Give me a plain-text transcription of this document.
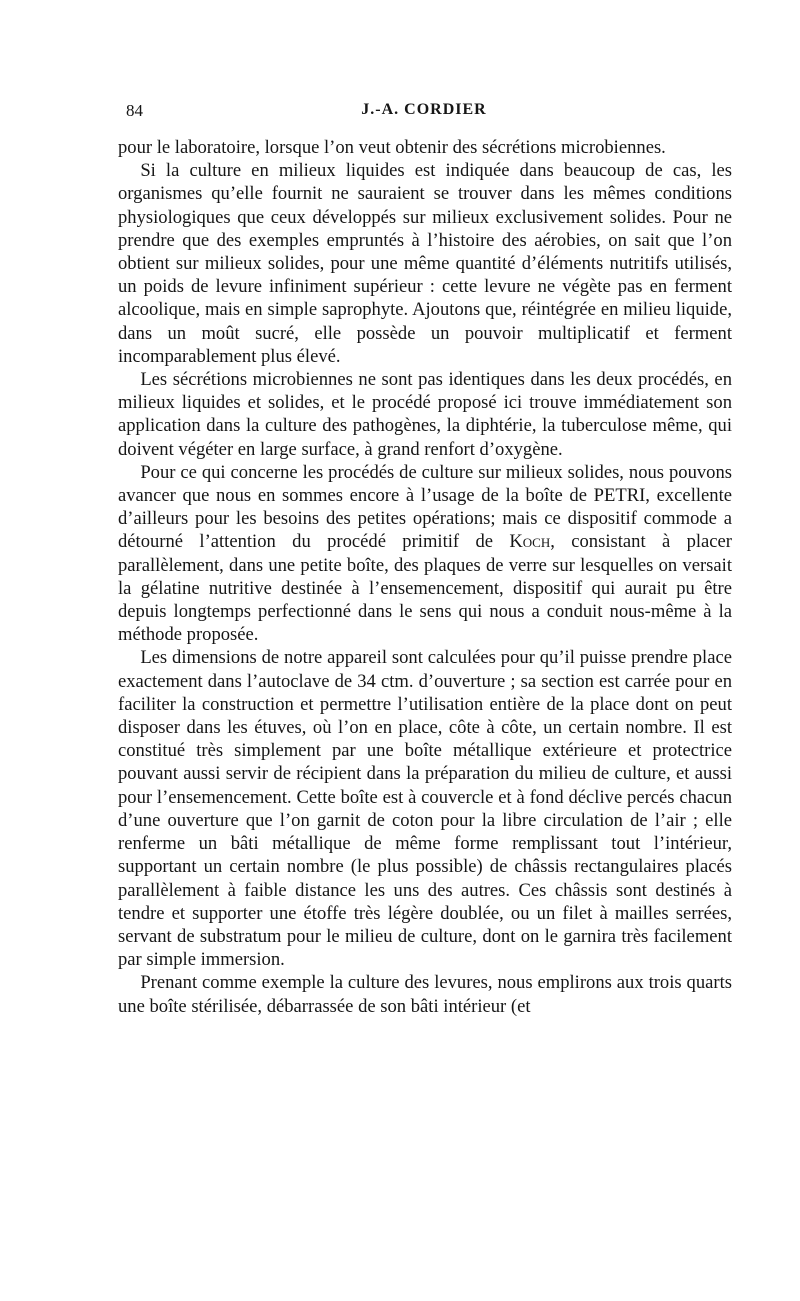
84	J.-A. CORDIER

pour le laboratoire, lorsque l’on veut obtenir des sécrétions microbiennes.

Si la culture en milieux liquides est indiquée dans beaucoup de cas, les organismes qu’elle fournit ne sauraient se trouver dans les mêmes conditions physiologiques que ceux développés sur milieux exclusivement solides. Pour ne prendre que des exemples empruntés à l’histoire des aérobies, on sait que l’on obtient sur milieux solides, pour une même quantité d’éléments nutritifs utilisés, un poids de levure infiniment supérieur : cette levure ne végète pas en ferment alcoolique, mais en simple saprophyte. Ajoutons que, réintégrée en milieu liquide, dans un moût sucré, elle possède un pouvoir multiplicatif et ferment incomparablement plus élevé.

Les sécrétions microbiennes ne sont pas identiques dans les deux procédés, en milieux liquides et solides, et le procédé proposé ici trouve immédiatement son application dans la culture des pathogènes, la diphtérie, la tuberculose même, qui doivent végéter en large surface, à grand renfort d’oxygène.

Pour ce qui concerne les procédés de culture sur milieux solides, nous pouvons avancer que nous en sommes encore à l’usage de la boîte de PETRI, excellente d’ailleurs pour les besoins des petites opérations; mais ce dispositif commode a détourné l’attention du procédé primitif de Koch, consistant à placer parallèlement, dans une petite boîte, des plaques de verre sur lesquelles on versait la gélatine nutritive destinée à l’ensemencement, dispositif qui aurait pu être depuis longtemps perfectionné dans le sens qui nous a conduit nous-même à la méthode proposée.

Les dimensions de notre appareil sont calculées pour qu’il puisse prendre place exactement dans l’autoclave de 34 ctm. d’ouverture ; sa section est carrée pour en faciliter la construction et permettre l’utilisation entière de la place dont on peut disposer dans les étuves, où l’on en place, côte à côte, un certain nombre. Il est constitué très simplement par une boîte métallique extérieure et protectrice pouvant aussi servir de récipient dans la préparation du milieu de culture, et aussi pour l’ensemencement. Cette boîte est à couvercle et à fond déclive percés chacun d’une ouverture que l’on garnit de coton pour la libre circulation de l’air ; elle renferme un bâti métallique de même forme remplissant tout l’intérieur, supportant un certain nombre (le plus possible) de châssis rectangulaires placés parallèlement à faible distance les uns des autres. Ces châssis sont destinés à tendre et supporter une étoffe très légère doublée, ou un filet à mailles serrées, servant de substratum pour le milieu de culture, dont on le garnira très facilement par simple immersion.

Prenant comme exemple la culture des levures, nous emplirons aux trois quarts une boîte stérilisée, débarrassée de son bâti intérieur (et
